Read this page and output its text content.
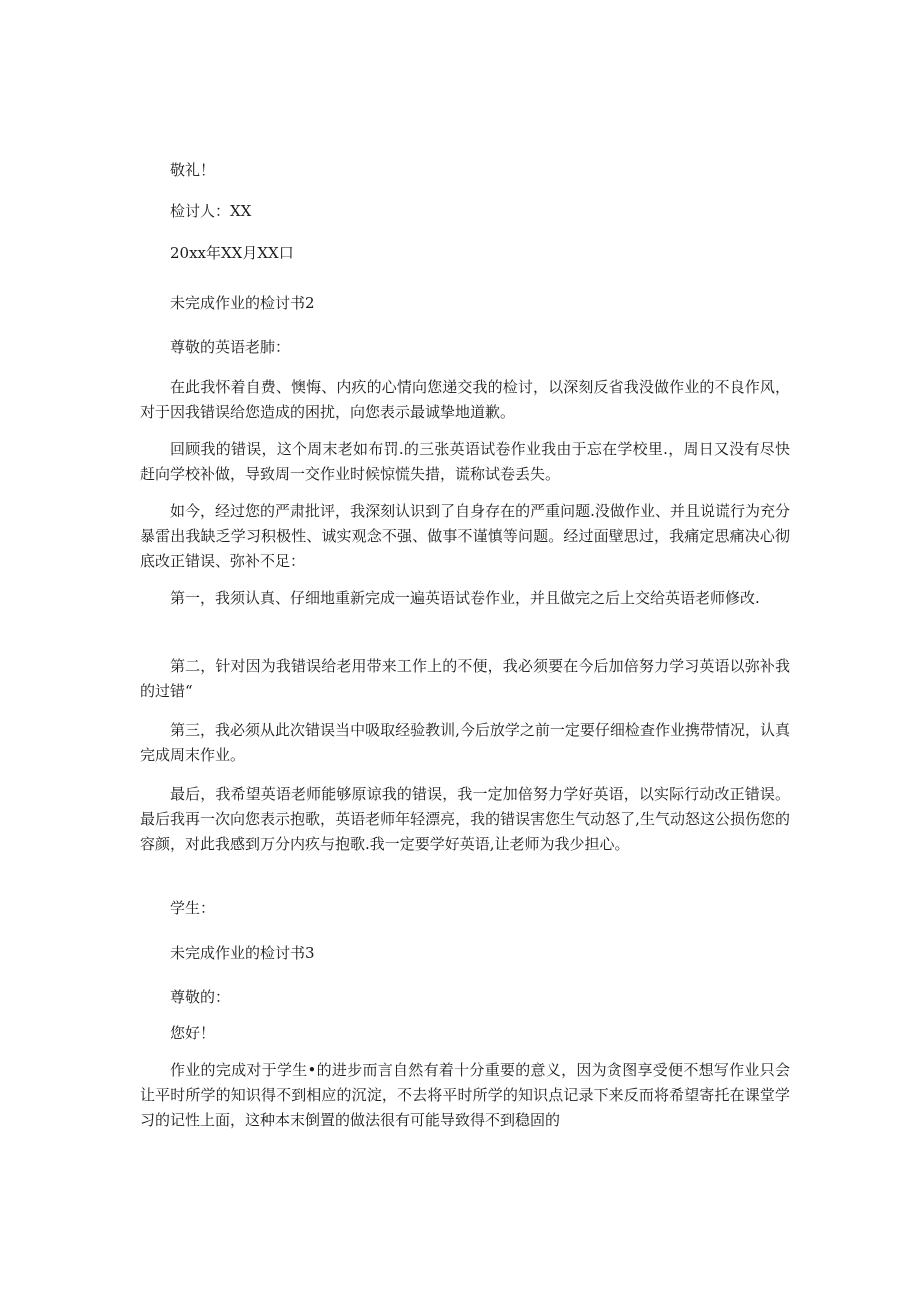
敬礼！
检讨人：XX
20xx年XX月XX口
未完成作业的检讨书2
尊敬的英语老肺：
在此我怀着自费、懊悔、内疚的心情向您递交我的检讨，以深刻反省我没做作业的不良作风，对于因我错误给您造成的困扰，向您表示最诚挚地道歉。
回顾我的错误，这个周末老如布罚.的三张英语试卷作业我由于忘在学校里.，周日又没有尽快赶向学校补做，导致周一交作业时候惊慌失措，谎称试卷丢失。
如今，经过您的严肃批评，我深刻认识到了自身存在的严重问题.没做作业、并且说谎行为充分暴雷出我缺乏学习积极性、诚实观念不强、做事不谨慎等问题。经过面壁思过，我痛定思痛决心彻底改正错误、弥补不足：
第一，我须认真、仔细地重新完成一遍英语试卷作业，并且做完之后上交给英语老师修改.
第二，针对因为我错误给老用带来工作上的不便，我必须要在今后加倍努力学习英语以弥补我的过错“
第三，我必须从此次错误当中吸取经验教训,今后放学之前一定要仔细检查作业携带情况，认真完成周末作业。
最后，我希望英语老师能够原谅我的错误，我一定加倍努力学好英语，以实际行动改正错误。最后我再一次向您表示抱歌，英语老师年轻漂亮，我的错误害您生气动怒了,生气动怒这公损伤您的容颜，对此我感到万分内疚与抱歌.我一定要学好英语,让老师为我少担心。
学生：
未完成作业的检讨书3
尊敬的：
您好！
作业的完成对于学生•的进步而言自然有着十分重要的意义，因为贪图享受便不想写作业只会让平时所学的知识得不到相应的沉淀，不去将平时所学的知识点记录下来反而将希望寄托在课堂学习的记性上面，这种本末倒置的做法很有可能导致得不到稳固的
